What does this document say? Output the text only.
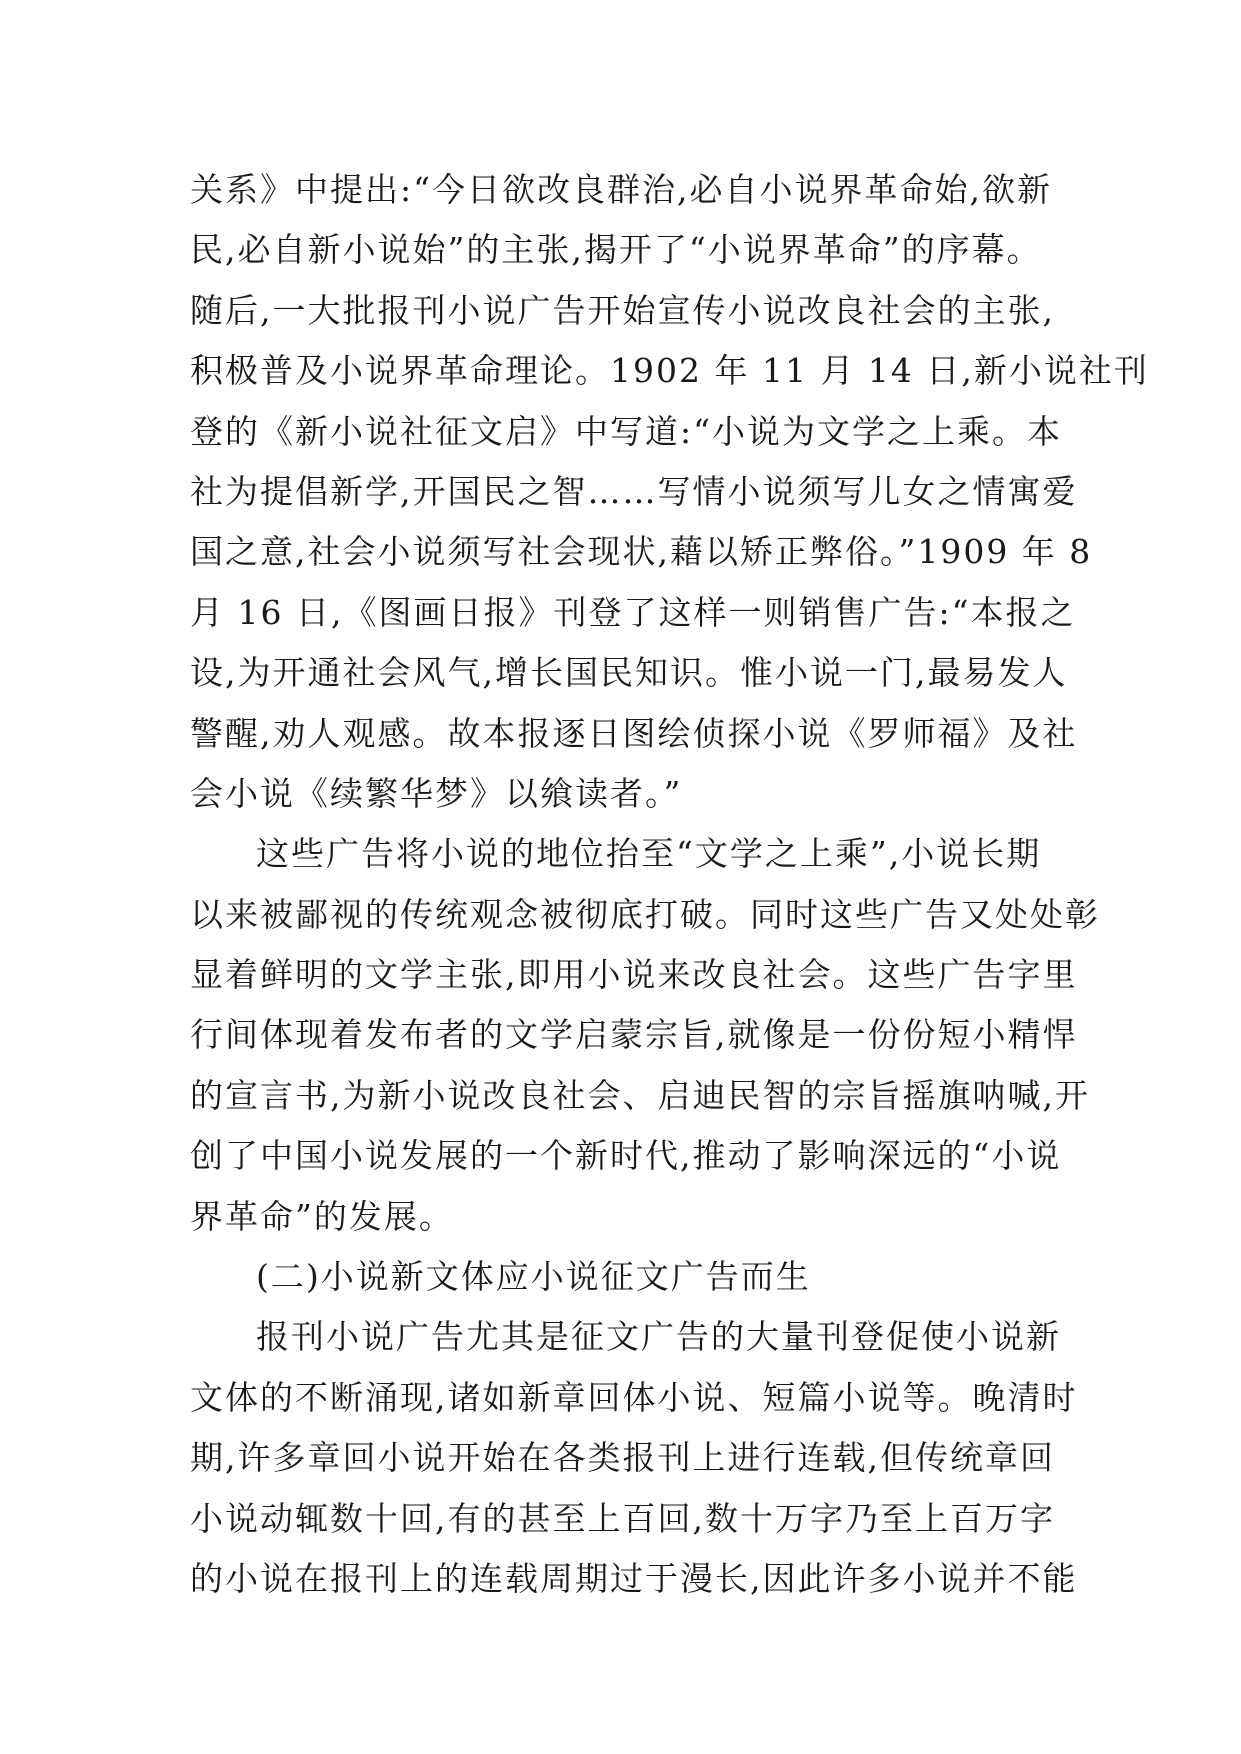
关系》中提出:“今日欲改良群治,必自小说界革命始,欲新
民,必自新小说始”的主张,揭开了“小说界革命”的序幕。
随后,一大批报刊小说广告开始宣传小说改良社会的主张,
积极普及小说界革命理论。1902 年 11 月 14 日,新小说社刊
登的《新小说社征文启》中写道:“小说为文学之上乘。本
社为提倡新学,开国民之智……写情小说须写儿女之情寓爱
国之意,社会小说须写社会现状,藉以矫正弊俗。”1909 年 8
月 16 日,《图画日报》刊登了这样一则销售广告:“本报之
设,为开通社会风气,增长国民知识。惟小说一门,最易发人
警醒,劝人观感。故本报逐日图绘侦探小说《罗师福》及社
会小说《续繁华梦》以飨读者。”
这些广告将小说的地位抬至“文学之上乘”,小说长期
以来被鄙视的传统观念被彻底打破。同时这些广告又处处彰
显着鲜明的文学主张,即用小说来改良社会。这些广告字里
行间体现着发布者的文学启蒙宗旨,就像是一份份短小精悍
的宣言书,为新小说改良社会、启迪民智的宗旨摇旗呐喊,开
创了中国小说发展的一个新时代,推动了影响深远的“小说
界革命”的发展。
(二)小说新文体应小说征文广告而生
报刊小说广告尤其是征文广告的大量刊登促使小说新
文体的不断涌现,诸如新章回体小说、短篇小说等。晚清时
期,许多章回小说开始在各类报刊上进行连载,但传统章回
小说动辄数十回,有的甚至上百回,数十万字乃至上百万字
的小说在报刊上的连载周期过于漫长,因此许多小说并不能
